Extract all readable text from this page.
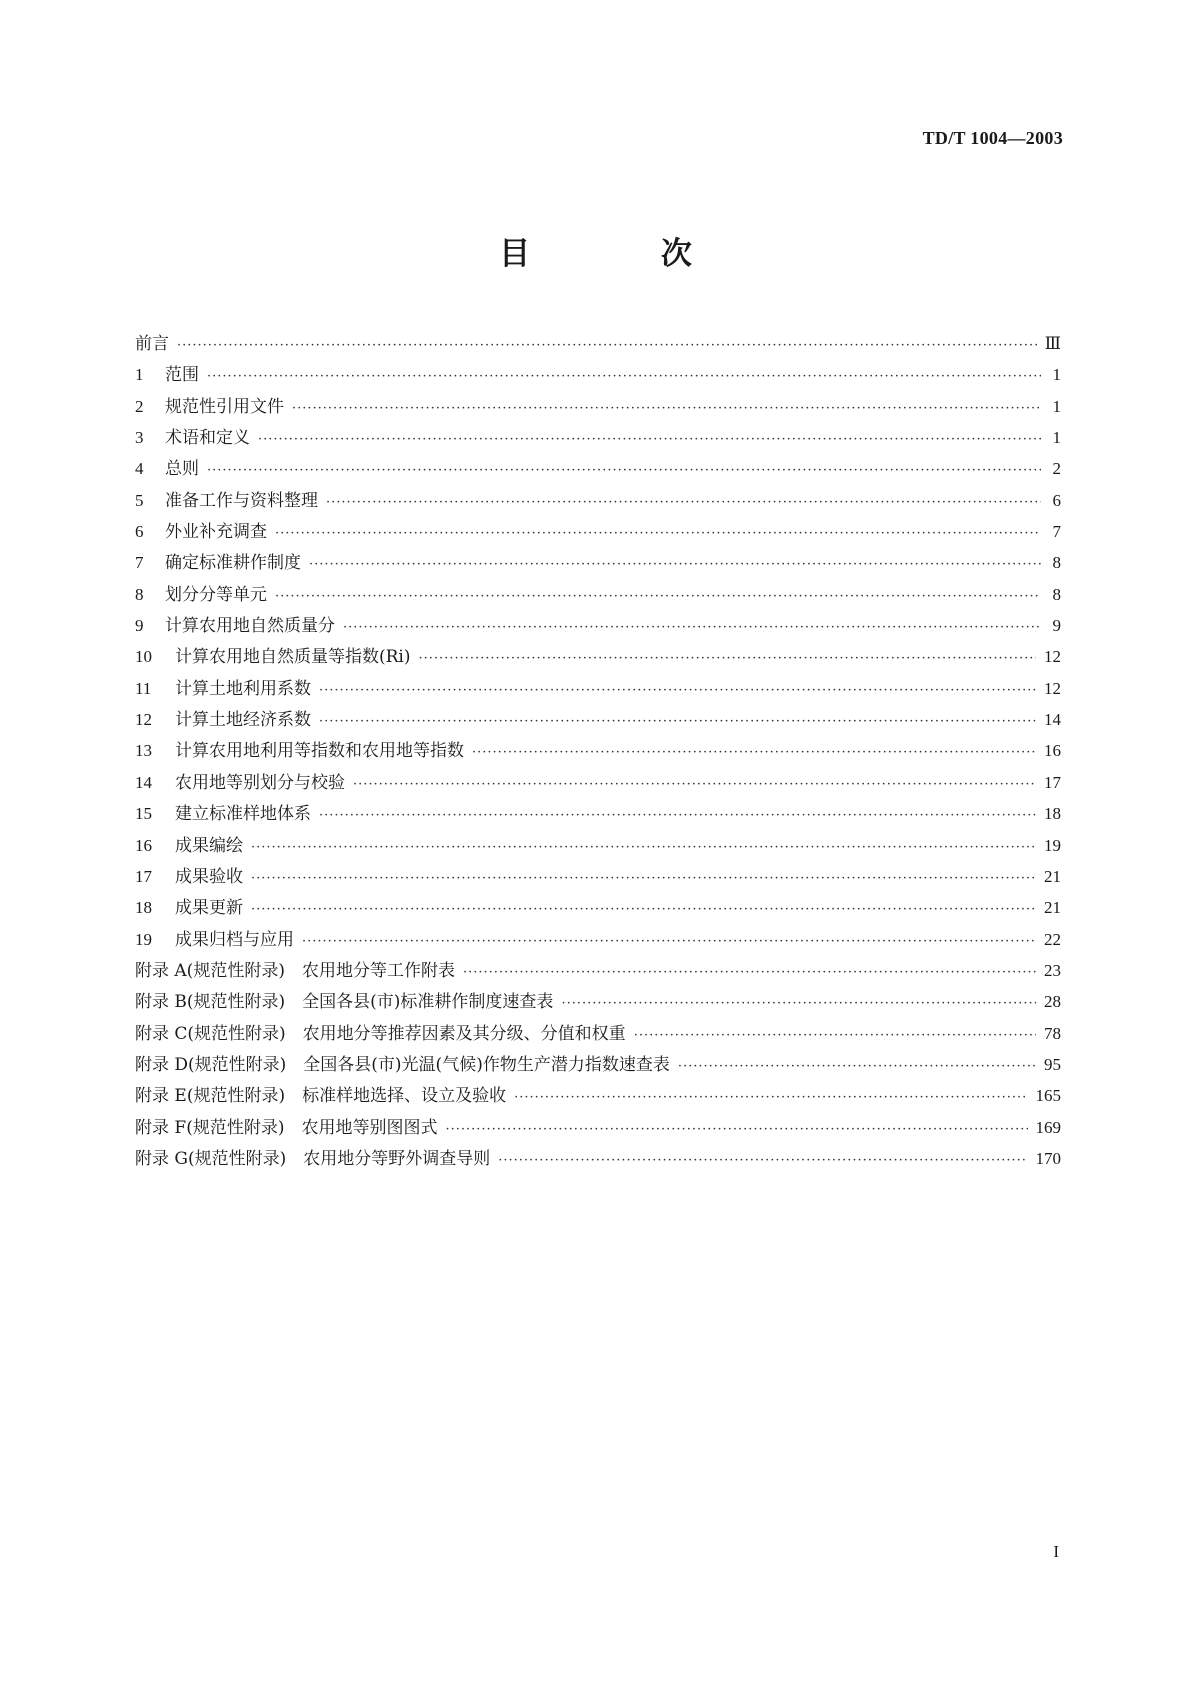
TD/T 1004—2003
目 次
前言 ·····	Ⅲ
1 范围 ·····	1
2 规范性引用文件 ·····	1
3 术语和定义 ·····	1
4 总则 ·····	2
5 准备工作与资料整理 ·····	6
6 外业补充调查 ·····	7
7 确定标准耕作制度 ·····	8
8 划分分等单元 ·····	8
9 计算农用地自然质量分 ·····	9
10 计算农用地自然质量等指数(Ri) ·····	12
11 计算土地利用系数 ·····	12
12 计算土地经济系数 ·····	14
13 计算农用地利用等指数和农用地等指数 ·····	16
14 农用地等别划分与校验 ·····	17
15 建立标准样地体系 ·····	18
16 成果编绘 ·····	19
17 成果验收 ·····	21
18 成果更新 ·····	21
19 成果归档与应用 ·····	22
附录 A(规范性附录)　农用地分等工作附表 ·····	23
附录 B(规范性附录)　全国各县(市)标准耕作制度速查表 ·····	28
附录 C(规范性附录)　农用地分等推荐因素及其分级、分值和权重 ·····	78
附录 D(规范性附录)　全国各县(市)光温(气候)作物生产潜力指数速查表 ·····	95
附录 E(规范性附录)　标准样地选择、设立及验收 ·····	165
附录 F(规范性附录)　农用地等别图图式 ·····	169
附录 G(规范性附录)　农用地分等野外调查导则 ·····	170
I
